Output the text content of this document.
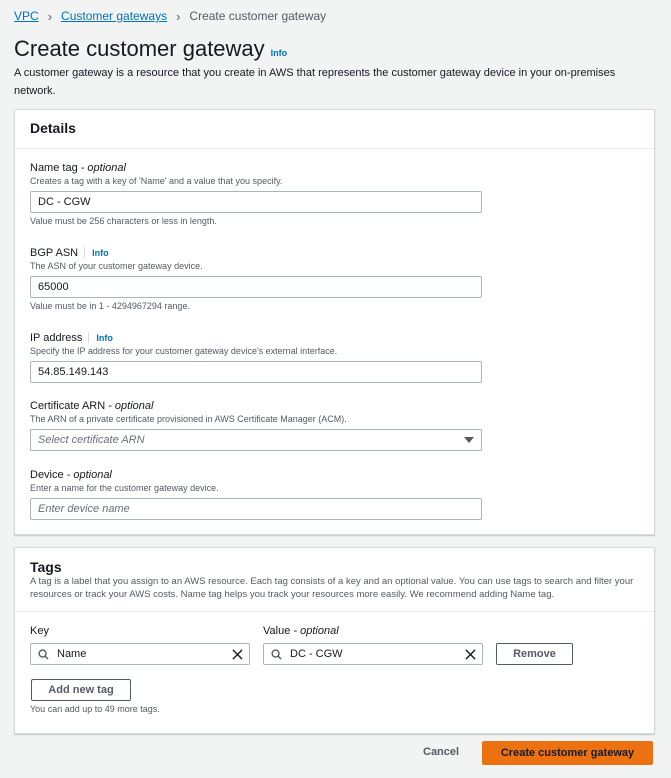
VPC › Customer gateways › Create customer gateway
Create customer gateway Info
A customer gateway is a resource that you create in AWS that represents the customer gateway device in your on-premises network.
Details
Name tag - optional
Creates a tag with a key of 'Name' and a value that you specify.
DC - CGW
Value must be 256 characters or less in length.
BGP ASN Info
The ASN of your customer gateway device.
65000
Value must be in 1 - 4294967294 range.
IP address Info
Specify the IP address for your customer gateway device's external interface.
54.85.149.143
Certificate ARN - optional
The ARN of a private certificate provisioned in AWS Certificate Manager (ACM).
Select certificate ARN
Device - optional
Enter a name for the customer gateway device.
Enter device name
Tags
A tag is a label that you assign to an AWS resource. Each tag consists of a key and an optional value. You can use tags to search and filter your resources or track your AWS costs. Name tag helps you track your resources more easily. We recommend adding Name tag.
Key	Value - optional
Name	DC - CGW	Remove
Add new tag
You can add up to 49 more tags.
Cancel	Create customer gateway
